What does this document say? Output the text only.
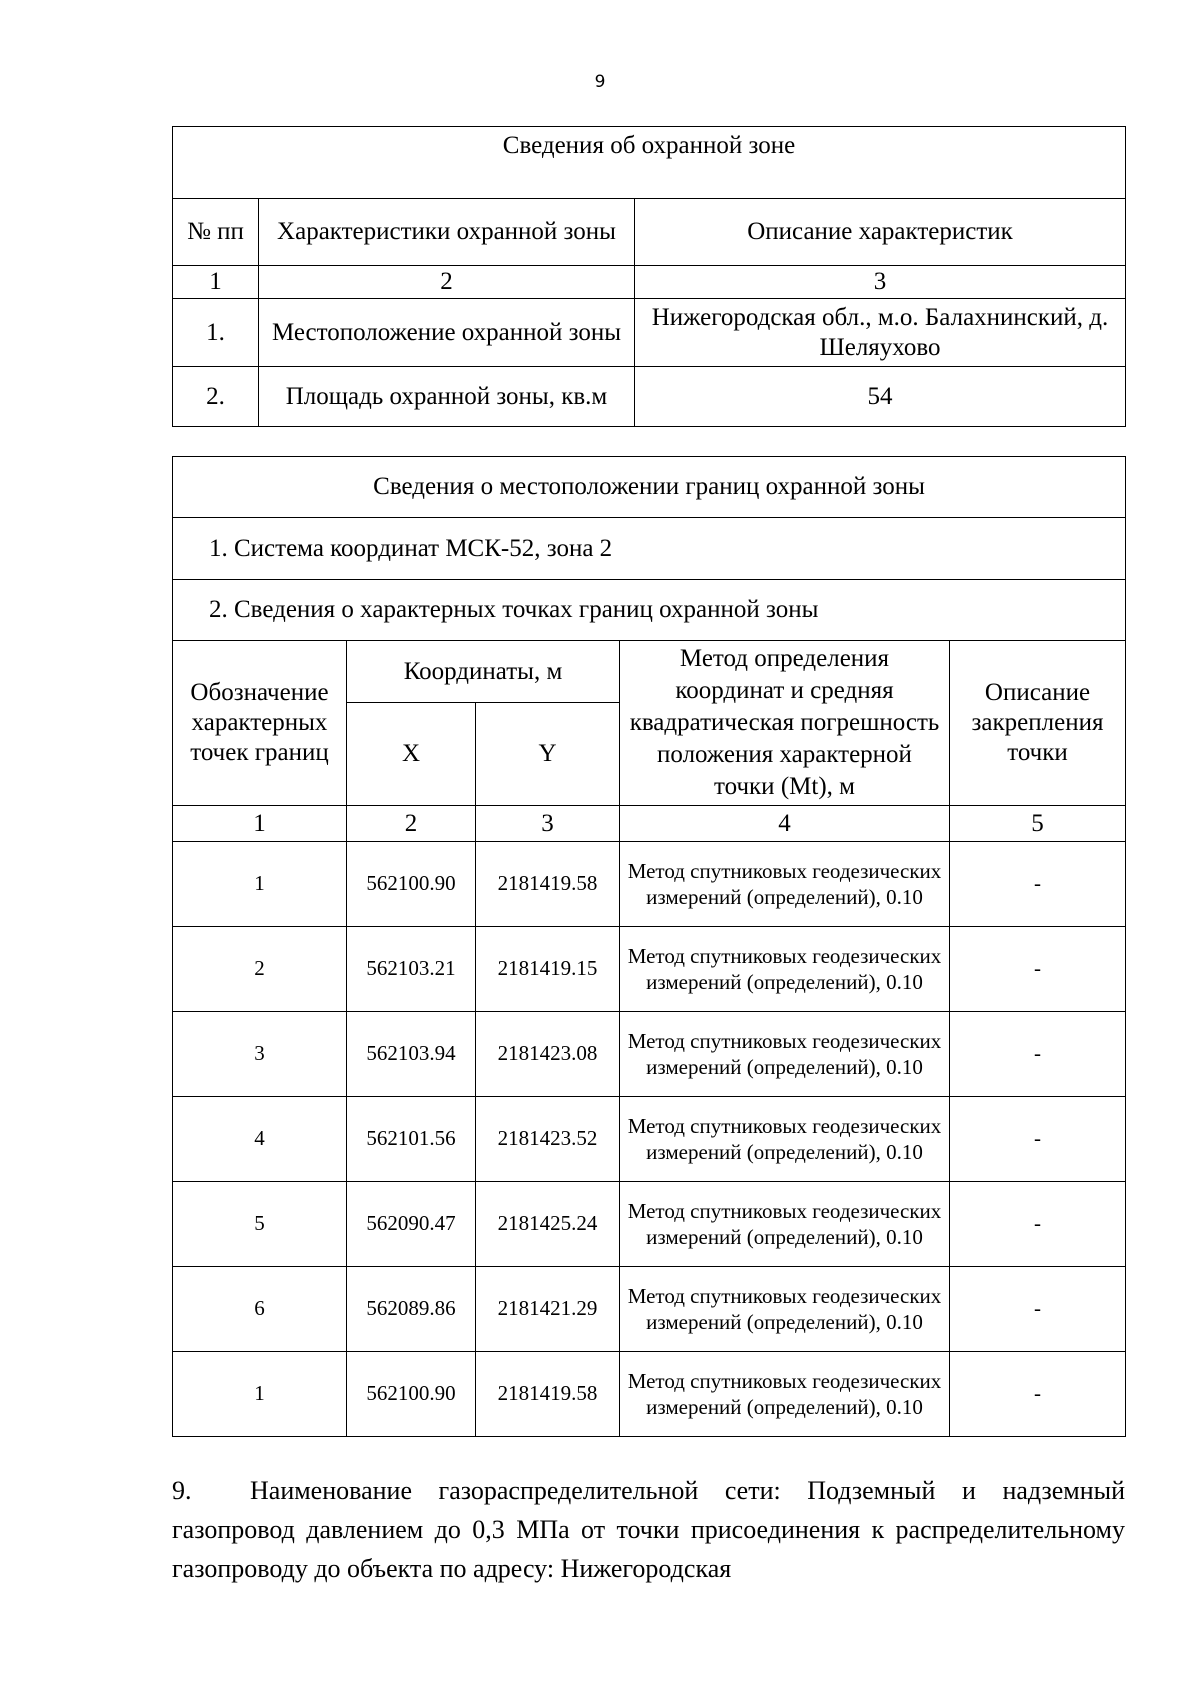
9
Сведения об охранной зоне		
№ пп	Характеристики охранной зоны	Описание характеристик
1	2	3
1.	Местоположение охранной зоны	Нижегородская обл., м.о. Балахнинский, д. Шеляухово
2.	Площадь охранной зоны, кв.м	54
Сведения о местоположении границ охранной зоны				
1. Система координат МСК-52, зона 2				
2. Сведения о характерных точках границ охранной зоны				
Обозначение характерных точек границ	Координаты, м		Метод определения координат и средняя квадратическая погрешность положения характерной точки (Mt), м	Описание закрепления точки
	X	Y		
1	2	3	4	5
1	562100.90	2181419.58	Метод спутниковых геодезических измерений (определений), 0.10	-
2	562103.21	2181419.15	Метод спутниковых геодезических измерений (определений), 0.10	-
3	562103.94	2181423.08	Метод спутниковых геодезических измерений (определений), 0.10	-
4	562101.56	2181423.52	Метод спутниковых геодезических измерений (определений), 0.10	-
5	562090.47	2181425.24	Метод спутниковых геодезических измерений (определений), 0.10	-
6	562089.86	2181421.29	Метод спутниковых геодезических измерений (определений), 0.10	-
1	562100.90	2181419.58	Метод спутниковых геодезических измерений (определений), 0.10	-

9. Наименование газораспределительной сети: Подземный и надземный газопровод давлением до 0,3 МПа от точки присоединения к распределительному газопроводу до объекта по адресу: Нижегородская
